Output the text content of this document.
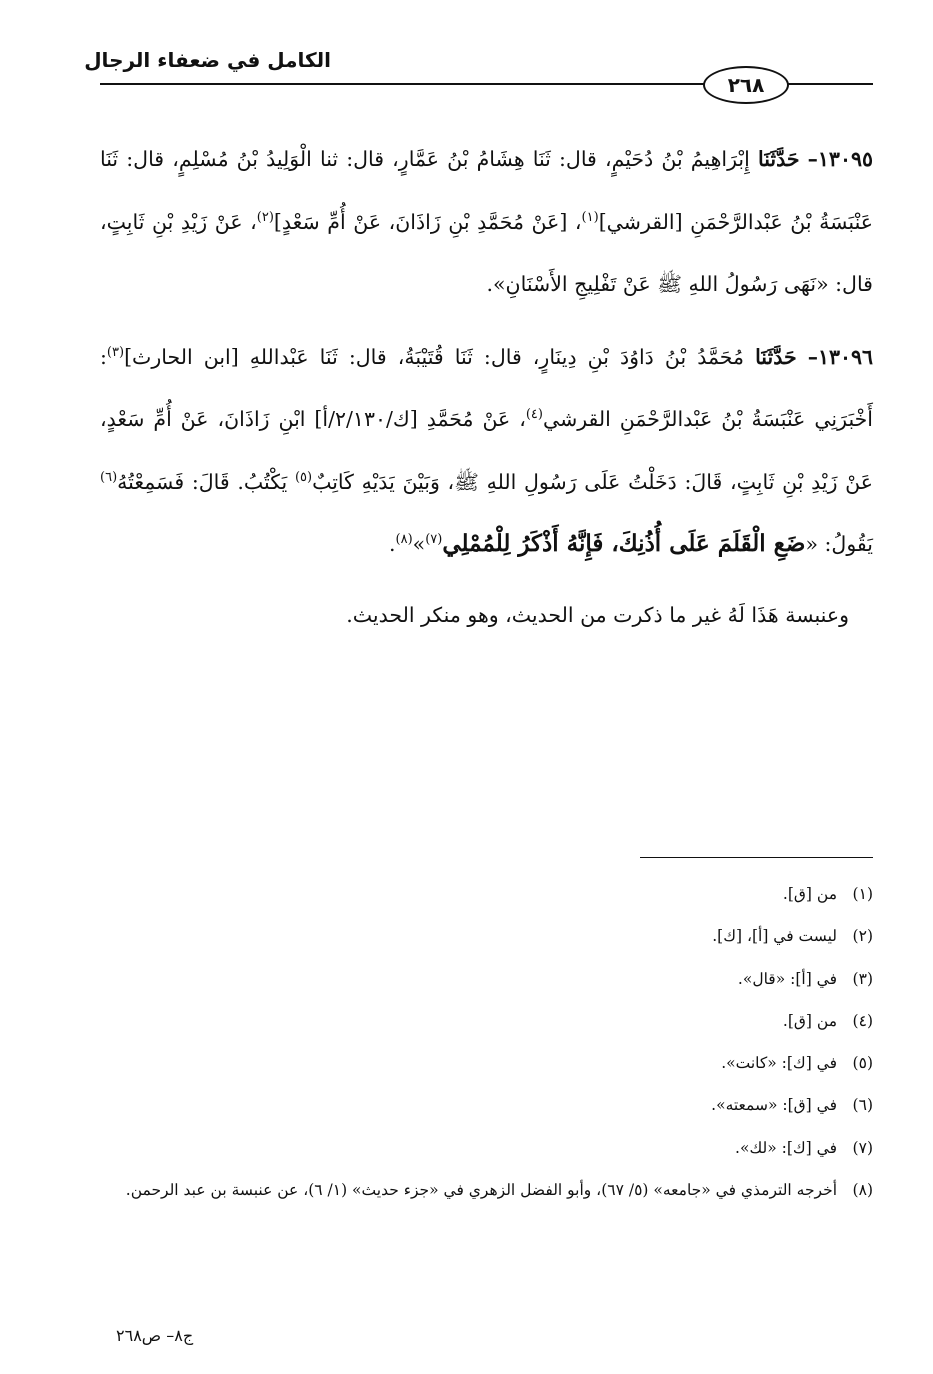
الكامل في ضعفاء الرجال
٢٦٨

١٣٠٩٥– حَدَّثَنَا إِبْرَاهِيمُ بْنُ دُحَيْمٍ، قال: ثَنَا هِشَامُ بْنُ عَمَّارٍ، قال: ثنا الْوَلِيدُ بْنُ مُسْلِمٍ، قال: ثَنَا عَنْبَسَةُ بْنُ عَبْدالرَّحْمَنِ [القرشي]$^{(١)}$، [عَنْ مُحَمَّدِ بْنِ زَاذَانَ، عَنْ أُمِّ سَعْدٍ]$^{(٢)}$، عَنْ زَيْدِ بْنِ ثَابِتٍ، قال: «نَهَى رَسُولُ اللهِ ﷺ عَنْ تَفْلِيجِ الأَسْنَانِ».

١٣٠٩٦– حَدَّثَنَا مُحَمَّدُ بْنُ دَاوُدَ بْنِ دِينَارٍ، قال: ثَنَا قُتَيْبَةُ، قال: ثَنَا عَبْداللهِ [ابن الحارث]$^{(٣)}$: أَخْبَرَنِي عَنْبَسَةُ بْنُ عَبْدالرَّحْمَنِ القرشي$^{(٤)}$، عَنْ مُحَمَّدِ [ك/٢/١٣٠/أ] ابْنِ زَاذَانَ، عَنْ أُمِّ سَعْدٍ، عَنْ زَيْدِ بْنِ ثَابِتٍ، قَالَ: دَخَلْتُ عَلَى رَسُولِ اللهِ ﷺ، وَبَيْنَ يَدَيْهِ كَاتِبٌ$^{(٥)}$ يَكْتُبُ. قَالَ: فَسَمِعْتُهُ$^{(٦)}$ يَقُولُ: «ضَعِ الْقَلَمَ عَلَى أُذُنِكَ، فَإِنَّهُ أَذْكَرُ لِلْمُمْلِي$^{(٧)}$»$^{(٨)}$.

وعنبسة هَذَا لَهُ غير ما ذكرت من الحديث، وهو منكر الحديث.

(١)
من [ق].
(٢)
ليست في [أ]، [ك].
(٣)
في [أ]: «قال».
(٤)
من [ق].
(٥)
في [ك]: «كانت».
(٦)
في [ق]: «سمعته».
(٧)
في [ك]: «لك».
(٨)
أخرجه الترمذي في «جامعه» (٥/ ٦٧)، وأبو الفضل الزهري في «جزء حديث» (١/ ٦)، عن عنبسة بن عبد الرحمن.
ج٨– ص٢٦٨
